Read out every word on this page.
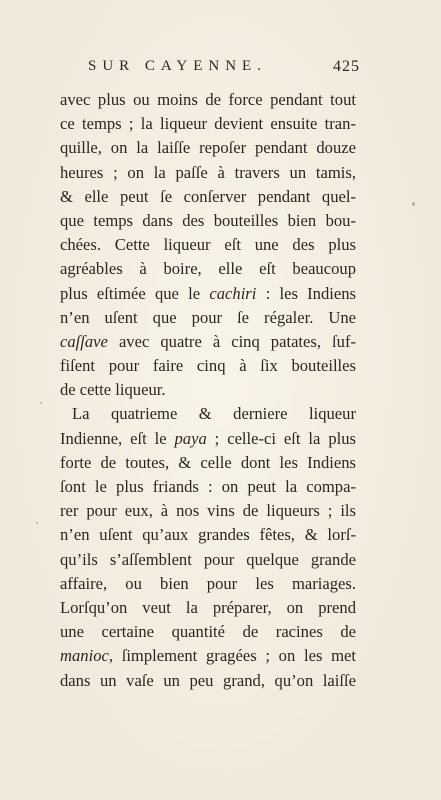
SUR CAYENNE.	425
avec plus ou moins de force pendant tout
ce temps ; la liqueur devient ensuite tran-
quille, on la laiſſe repoſer pendant douze
heures ; on la paſſe à travers un tamis,
& elle peut ſe conſerver pendant quel-
que temps dans des bouteilles bien bou-
chées. Cette liqueur eſt une des plus
agréables à boire, elle eſt beaucoup
plus eſtimée que le cachiri : les Indiens
n’en uſent que pour ſe régaler. Une
caſſave avec quatre à cinq patates, ſuf-
fiſent pour faire cinq à ſix bouteilles
de cette liqueur.
La quatrieme & derniere liqueur
Indienne, eſt le paya ; celle-ci eſt la plus
forte de toutes, & celle dont les Indiens
ſont le plus friands : on peut la compa-
rer pour eux, à nos vins de liqueurs ; ils
n’en uſent qu’aux grandes fêtes, & lorſ-
qu’ils s’aſſemblent pour quelque grande
affaire, ou bien pour les mariages.
Lorſqu’on veut la préparer, on prend
une certaine quantité de racines de
manioc, ſimplement gragées ; on les met
dans un vaſe un peu grand, qu’on laiſſe
